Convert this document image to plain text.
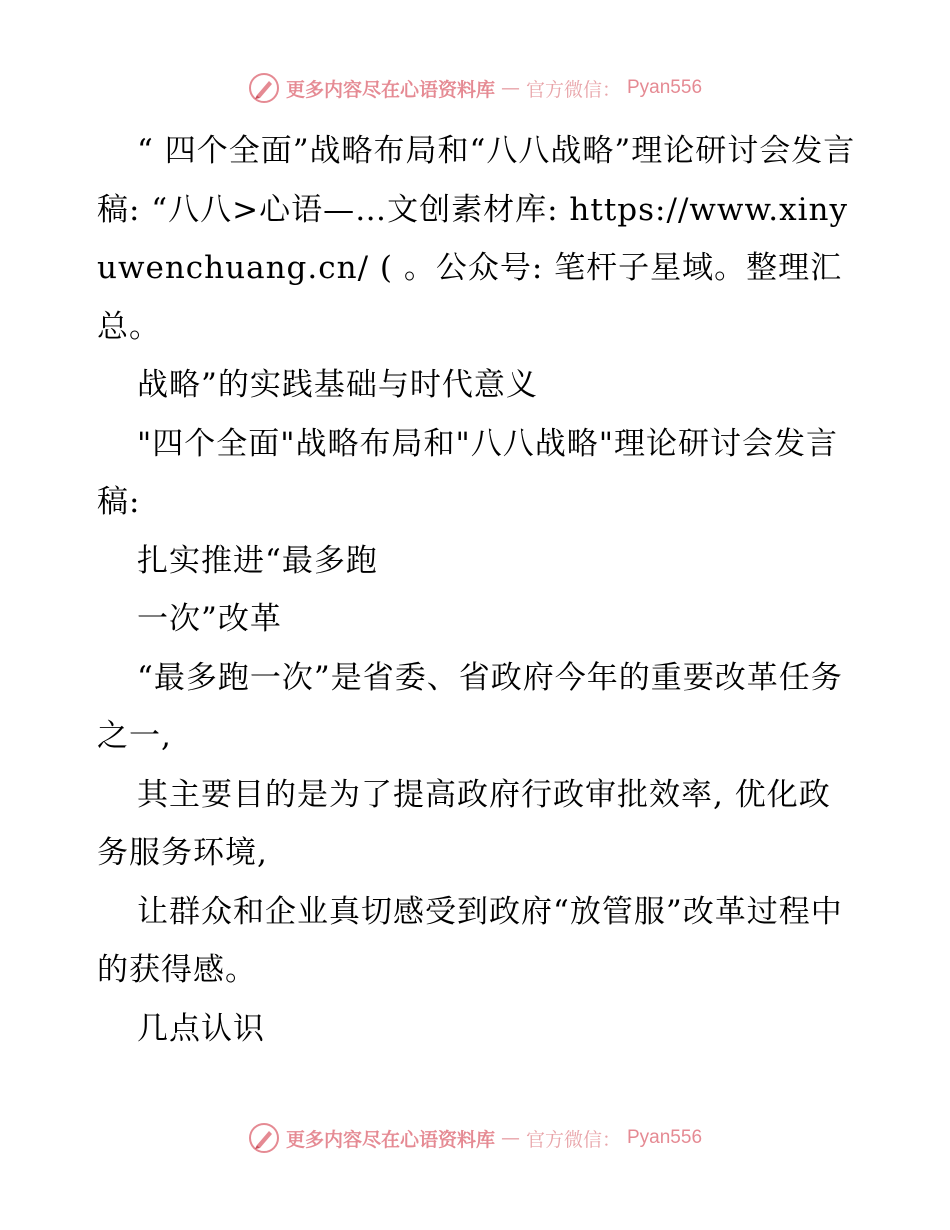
更多内容尽在心语资料库 — 官方微信： Pyan556

“ 四个全面”战略布局和“八八战略”理论研讨会发言稿: “八八>心语—…文创素材库: https://www.xinyuwenchuang.cn/ ( 。公众号: 笔杆子星域。整理汇总。

战略”的实践基础与时代意义

"四个全面"战略布局和"八八战略"理论研讨会发言稿:

扎实推进“最多跑

一次”改革

“最多跑一次”是省委、省政府今年的重要改革任务之一,

其主要目的是为了提高政府行政审批效率, 优化政务服务环境,

让群众和企业真切感受到政府“放管服”改革过程中的获得感。

几点认识

更多内容尽在心语资料库 — 官方微信： Pyan556
